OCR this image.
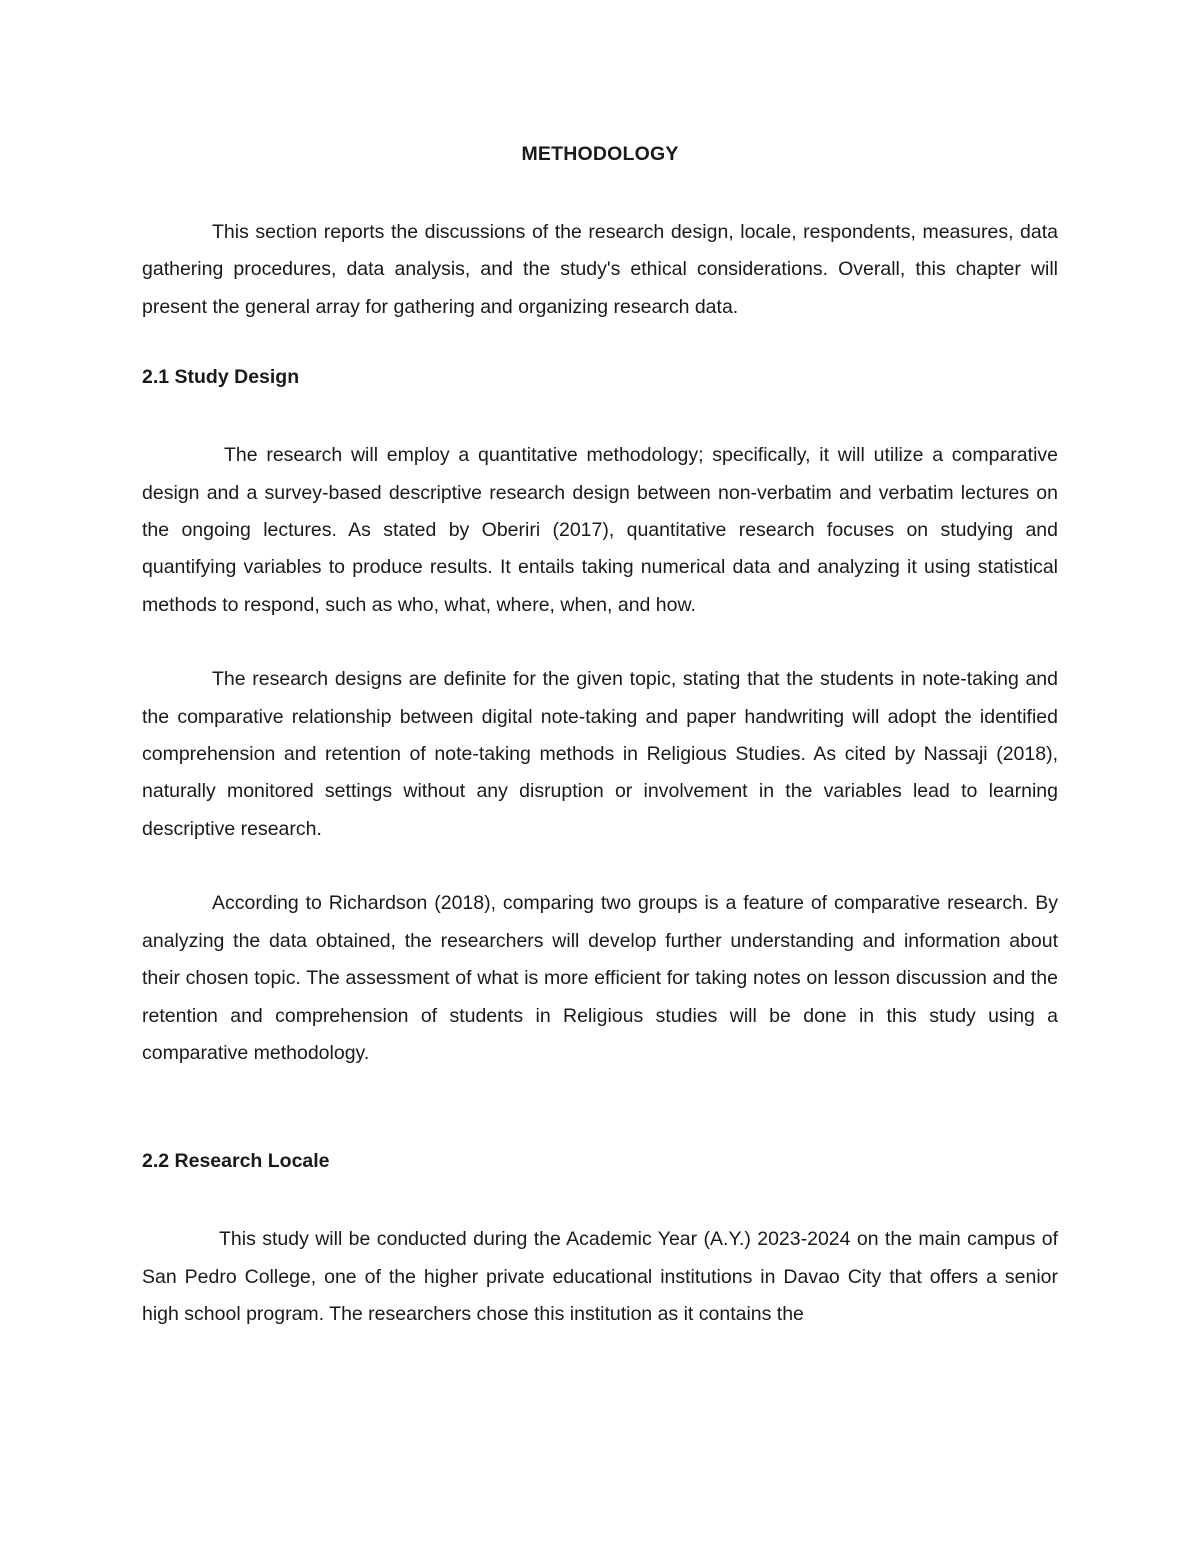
METHODOLOGY

This section reports the discussions of the research design, locale, respondents, measures, data gathering procedures, data analysis, and the study's ethical considerations. Overall, this chapter will present the general array for gathering and organizing research data.

2.1 Study Design

The research will employ a quantitative methodology; specifically, it will utilize a comparative design and a survey-based descriptive research design between non-verbatim and verbatim lectures on the ongoing lectures. As stated by Oberiri (2017), quantitative research focuses on studying and quantifying variables to produce results. It entails taking numerical data and analyzing it using statistical methods to respond, such as who, what, where, when, and how.

The research designs are definite for the given topic, stating that the students in note-taking and the comparative relationship between digital note-taking and paper handwriting will adopt the identified comprehension and retention of note-taking methods in Religious Studies. As cited by Nassaji (2018), naturally monitored settings without any disruption or involvement in the variables lead to learning descriptive research.

According to Richardson (2018), comparing two groups is a feature of comparative research. By analyzing the data obtained, the researchers will develop further understanding and information about their chosen topic. The assessment of what is more efficient for taking notes on lesson discussion and the retention and comprehension of students in Religious studies will be done in this study using a comparative methodology.

2.2 Research Locale

This study will be conducted during the Academic Year (A.Y.) 2023-2024 on the main campus of San Pedro College, one of the higher private educational institutions in Davao City that offers a senior high school program. The researchers chose this institution as it contains the
